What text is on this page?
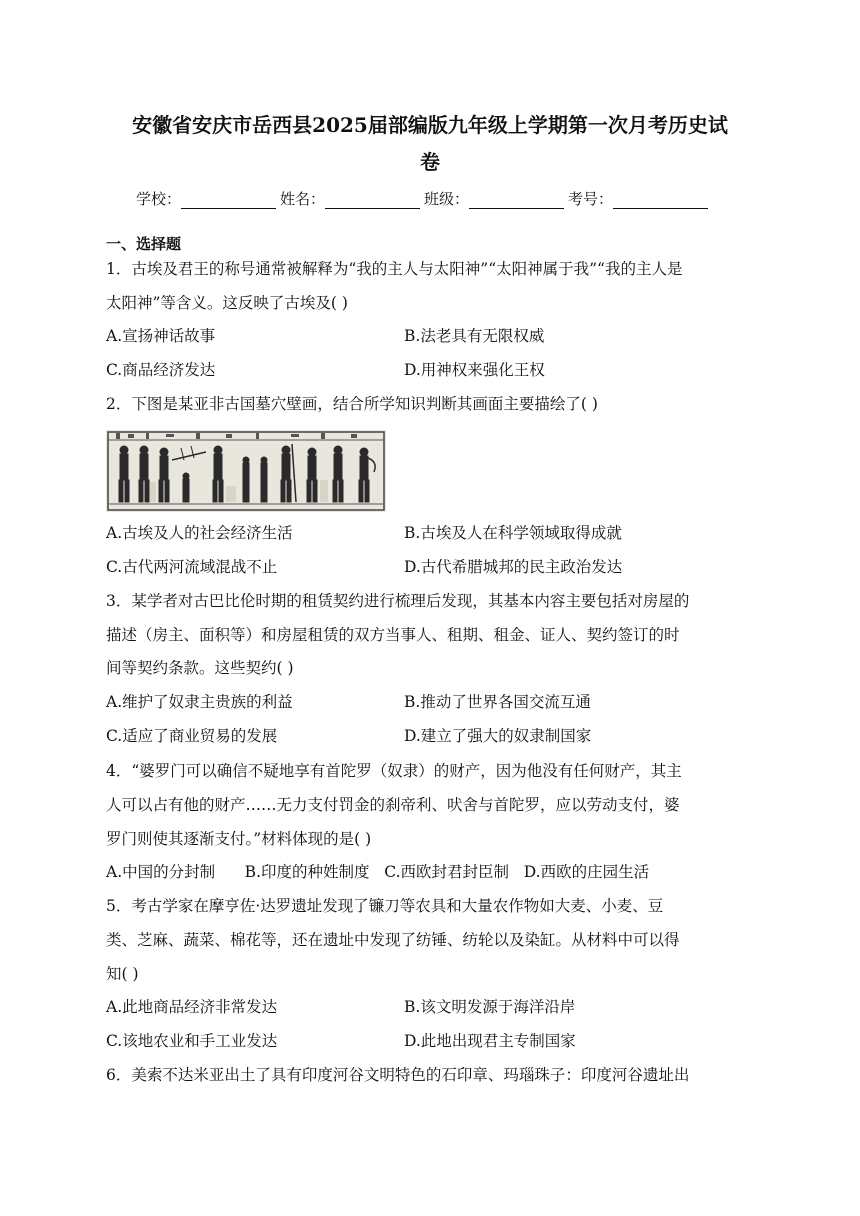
安徽省安庆市岳西县2025届部编版九年级上学期第一次月考历史试
卷
学校：	姓名：	班级：	考号：
一、选择题
1．古埃及君王的称号通常被解释为“我的主人与太阳神”“太阳神属于我”“我的主人是
太阳神”等含义。这反映了古埃及( )
A.宣扬神话故事	B.法老具有无限权威
C.商品经济发达	D.用神权来强化王权
2．下图是某亚非古国墓穴壁画，结合所学知识判断其画面主要描绘了( )
A.古埃及人的社会经济生活	B.古埃及人在科学领域取得成就
C.古代两河流域混战不止	D.古代希腊城邦的民主政治发达
3．某学者对古巴比伦时期的租赁契约进行梳理后发现，其基本内容主要包括对房屋的
描述（房主、面积等）和房屋租赁的双方当事人、租期、租金、证人、契约签订的时
间等契约条款。这些契约( )
A.维护了奴隶主贵族的利益	B.推动了世界各国交流互通
C.适应了商业贸易的发展	D.建立了强大的奴隶制国家
4．“婆罗门可以确信不疑地享有首陀罗（奴隶）的财产，因为他没有任何财产，其主
人可以占有他的财产……无力支付罚金的刹帝利、吠舍与首陀罗，应以劳动支付，婆
罗门则使其逐渐支付。”材料体现的是( )
A.中国的分封制      B.印度的种姓制度   C.西欧封君封臣制   D.西欧的庄园生活
5．考古学家在摩亨佐·达罗遗址发现了镰刀等农具和大量农作物如大麦、小麦、豆
类、芝麻、蔬菜、棉花等，还在遗址中发现了纺锤、纺轮以及染缸。从材料中可以得
知( )
A.此地商品经济非常发达	B.该文明发源于海洋沿岸
C.该地农业和手工业发达	D.此地出现君主专制国家
6．美索不达米亚出土了具有印度河谷文明特色的石印章、玛瑙珠子：印度河谷遗址出
